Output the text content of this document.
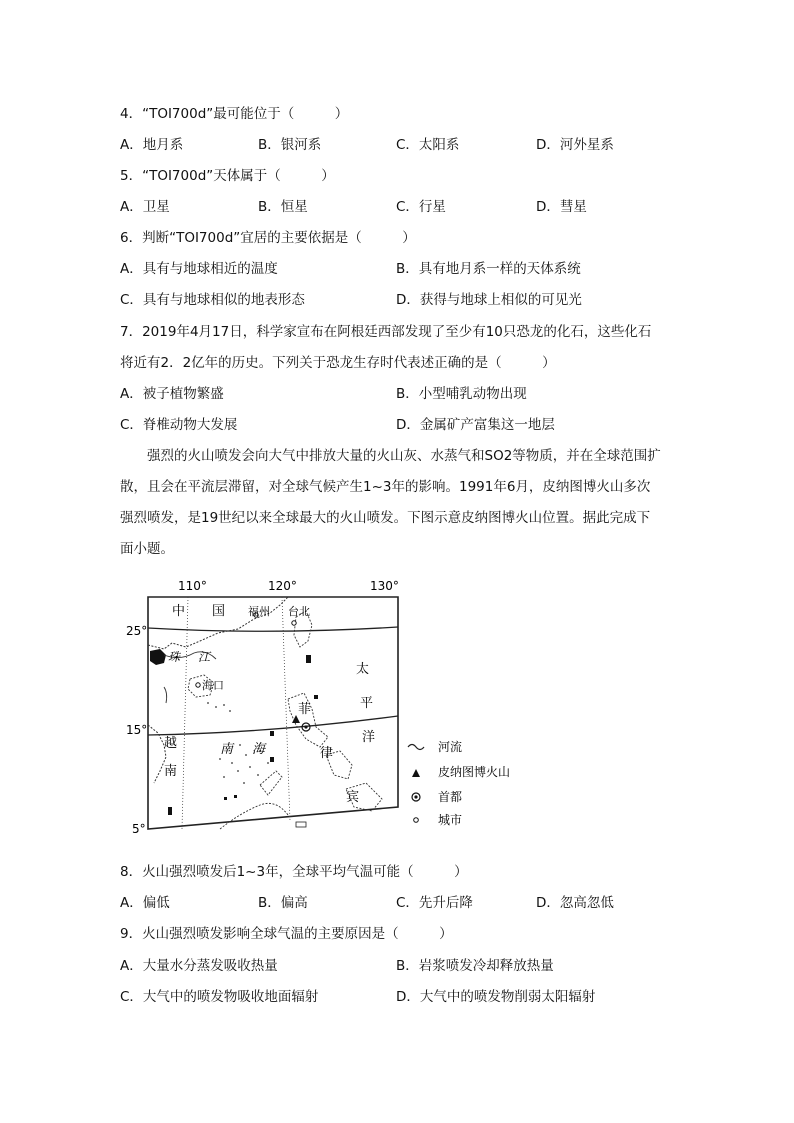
4．“TOI700d”最可能位于（　　　）
A．地月系	B．银河系	C．太阳系	D．河外星系
5．“TOI700d”天体属于（　　　）
A．卫星	B．恒星	C．行星	D．彗星
6．判断“TOI700d”宜居的主要依据是（　　　）
A．具有与地球相近的温度	B．具有地月系一样的天体系统
C．具有与地球相似的地表形态	D．获得与地球上相似的可见光
7．2019年4月17日，科学家宣布在阿根廷西部发现了至少有10只恐龙的化石，这些化石
将近有2．2亿年的历史。下列关于恐龙生存时代表述正确的是（　　　）
A．被子植物繁盛	B．小型哺乳动物出现
C．脊椎动物大发展	D．金属矿产富集这一地层
强烈的火山喷发会向大气中排放大量的火山灰、水蒸气和SO2等物质，并在全球范围扩
散，且会在平流层滞留，对全球气候产生1~3年的影响。1991年6月，皮纳图博火山多次
强烈喷发，是19世纪以来全球最大的火山喷发。下图示意皮纳图博火山位置。据此完成下
面小题。
110°	120°	130°
25°
15°
5°
中 国 福州 台北
珠 江
海口
太
平
洋
菲
律
宾
南 海
越
南
河流
皮纳图博火山
首都
城市
8．火山强烈喷发后1~3年，全球平均气温可能（　　　）
A．偏低	B．偏高	C．先升后降	D．忽高忽低
9．火山强烈喷发影响全球气温的主要原因是（　　　）
A．大量水分蒸发吸收热量	B．岩浆喷发冷却释放热量
C．大气中的喷发物吸收地面辐射	D．大气中的喷发物削弱太阳辐射
